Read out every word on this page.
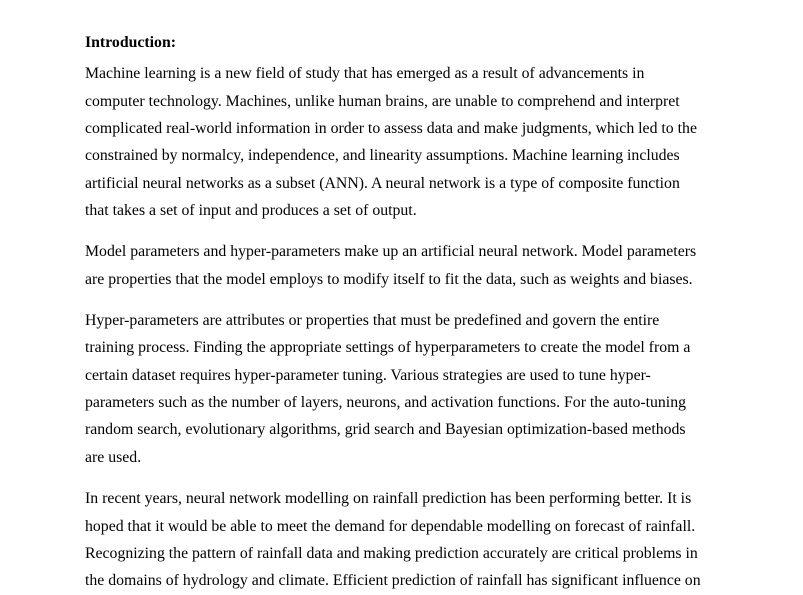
Introduction:
Machine learning is a new field of study that has emerged as a result of advancements in
computer technology. Machines, unlike human brains, are unable to comprehend and interpret
complicated real-world information in order to assess data and make judgments, which led to the
constrained by normalcy, independence, and linearity assumptions. Machine learning includes
artificial neural networks as a subset (ANN). A neural network is a type of composite function
that takes a set of input and produces a set of output.
Model parameters and hyper-parameters make up an artificial neural network. Model parameters
are properties that the model employs to modify itself to fit the data, such as weights and biases.
Hyper-parameters are attributes or properties that must be predefined and govern the entire
training process. Finding the appropriate settings of hyperparameters to create the model from a
certain dataset requires hyper-parameter tuning. Various strategies are used to tune hyper-
parameters such as the number of layers, neurons, and activation functions. For the auto-tuning
random search, evolutionary algorithms, grid search and Bayesian optimization-based methods
are used.
In recent years, neural network modelling on rainfall prediction has been performing better. It is
hoped that it would be able to meet the demand for dependable modelling on forecast of rainfall.
Recognizing the pattern of rainfall data and making prediction accurately are critical problems in
the domains of hydrology and climate. Efficient prediction of rainfall has significant influence on
